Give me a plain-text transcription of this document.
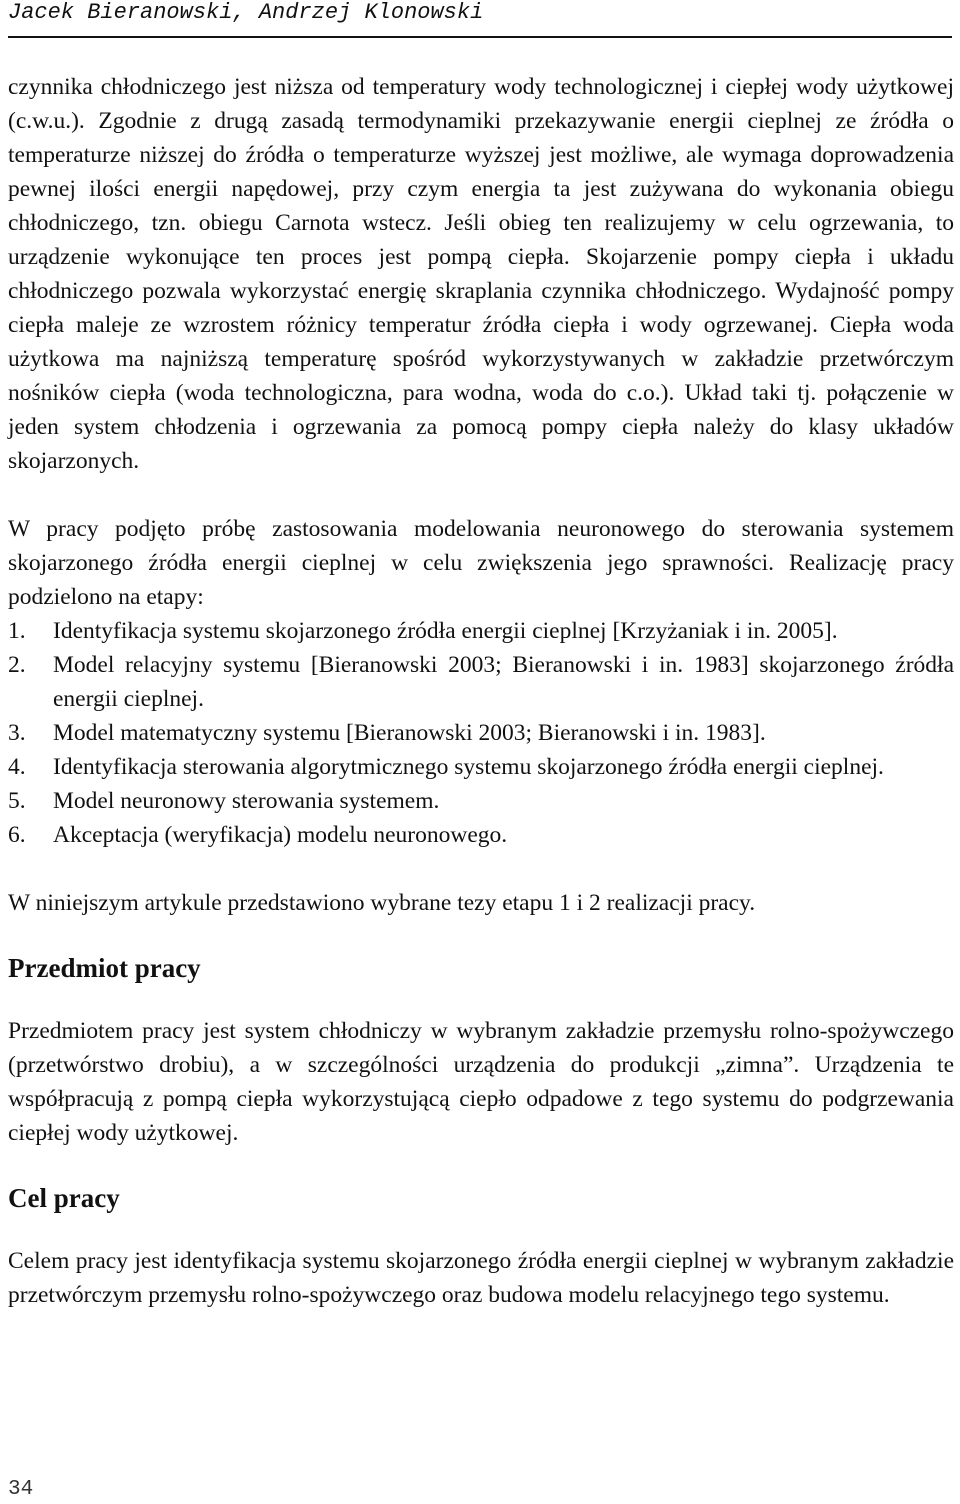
Jacek Bieranowski, Andrzej Klonowski

czynnika chłodniczego jest niższa od temperatury wody technologicznej i ciepłej wody użytkowej (c.w.u.). Zgodnie z drugą zasadą termodynamiki przekazywanie energii cieplnej ze źródła o temperaturze niższej do źródła o temperaturze wyższej jest możliwe, ale wymaga doprowadzenia pewnej ilości energii napędowej, przy czym energia ta jest zużywana do wykonania obiegu chłodniczego, tzn. obiegu Carnota wstecz. Jeśli obieg ten realizujemy w celu ogrzewania, to urządzenie wykonujące ten proces jest pompą ciepła. Skojarzenie pompy ciepła i układu chłodniczego pozwala wykorzystać energię skraplania czynnika chłodniczego. Wydajność pompy ciepła maleje ze wzrostem różnicy temperatur źródła ciepła i wody ogrzewanej. Ciepła woda użytkowa ma najniższą temperaturę spośród wykorzystywanych w zakładzie przetwórczym nośników ciepła (woda technologiczna, para wodna, woda do c.o.). Układ taki tj. połączenie w jeden system chłodzenia i ogrzewania za pomocą pompy ciepła należy do klasy układów skojarzonych.

W pracy podjęto próbę zastosowania modelowania neuronowego do sterowania systemem skojarzonego źródła energii cieplnej w celu zwiększenia jego sprawności. Realizację pracy podzielono na etapy:

1. Identyfikacja systemu skojarzonego źródła energii cieplnej [Krzyżaniak i in. 2005].
2. Model relacyjny systemu [Bieranowski 2003; Bieranowski i in. 1983] skojarzonego źródła energii cieplnej.
3. Model matematyczny systemu [Bieranowski 2003; Bieranowski i in. 1983].
4. Identyfikacja sterowania algorytmicznego systemu skojarzonego źródła energii cieplnej.
5. Model neuronowy sterowania systemem.
6. Akceptacja (weryfikacja) modelu neuronowego.

W niniejszym artykule przedstawiono wybrane tezy etapu 1 i 2 realizacji pracy.

Przedmiot pracy

Przedmiotem pracy jest system chłodniczy w wybranym zakładzie przemysłu rolno-spożywczego (przetwórstwo drobiu), a w szczególności urządzenia do produkcji „zimna”. Urządzenia te współpracują z pompą ciepła wykorzystującą ciepło odpadowe z tego systemu do podgrzewania ciepłej wody użytkowej.

Cel pracy

Celem pracy jest identyfikacja systemu skojarzonego źródła energii cieplnej w wybranym zakładzie przetwórczym przemysłu rolno-spożywczego oraz budowa modelu relacyjnego tego systemu.

34
